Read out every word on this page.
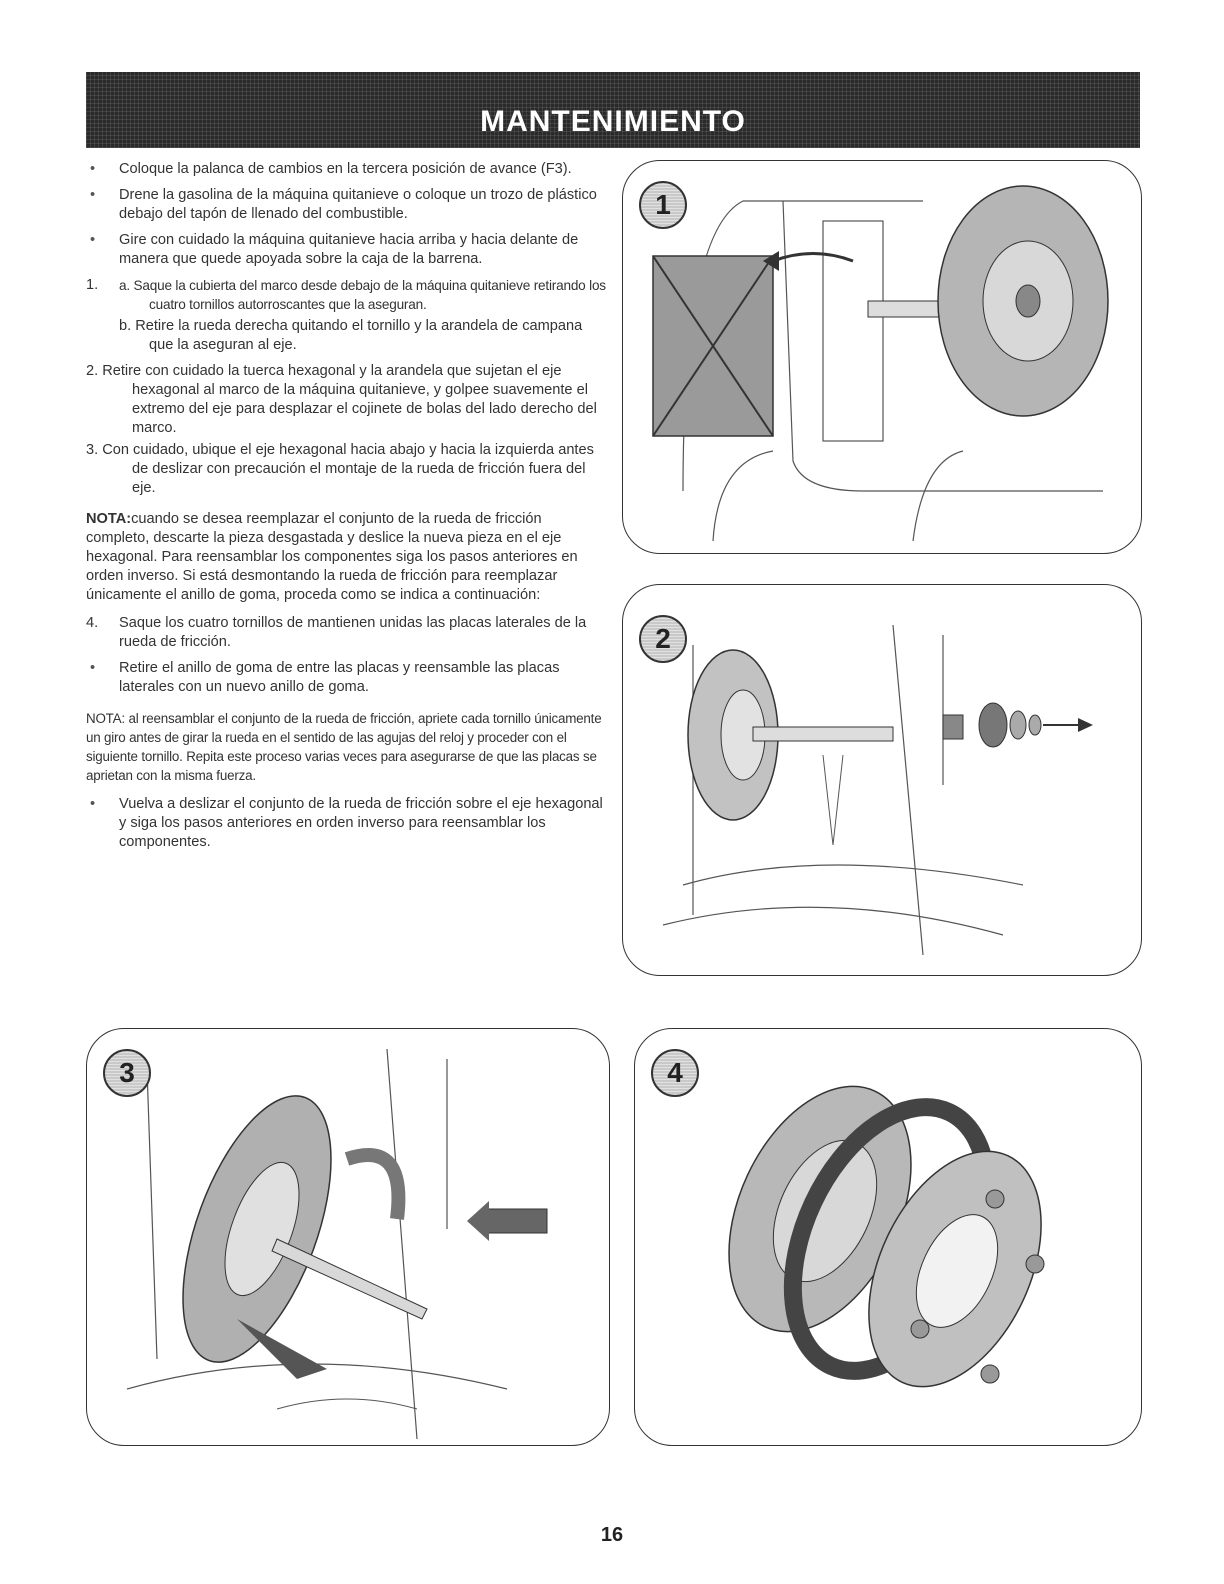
MANTENIMIENTO

• Coloque la palanca de cambios en la tercera posición de avance (F3).

• Drene la gasolina de la máquina quitanieve o coloque un trozo de plástico debajo del tapón de llenado del combustible.

• Gire con cuidado la máquina quitanieve hacia arriba y hacia delante de manera que quede apoyada sobre la caja de la barrena.

1. a. Saque la cubierta del marco desde debajo de la máquina quitanieve retirando los cuatro tornillos autorroscantes que la aseguran.

b. Retire la rueda derecha quitando el tornillo y la arandela de campana que la aseguran al eje.

2. Retire con cuidado la tuerca hexagonal y la arandela que sujetan el eje hexagonal al marco de la máquina quitanieve, y golpee suavemente el extremo del eje para desplazar el cojinete de bolas del lado derecho del marco.

3. Con cuidado, ubique el eje hexagonal hacia abajo y hacia la izquierda antes de deslizar con precaución el montaje de la rueda de fricción fuera del eje.

NOTA:cuando se desea reemplazar el conjunto de la rueda de fricción completo, descarte la pieza desgastada y deslice la nueva pieza en el eje hexagonal. Para reensamblar los componentes siga los pasos anteriores en orden inverso. Si está desmontando la rueda de fricción para reemplazar únicamente el anillo de goma, proceda como se indica a continuación:

4. Saque los cuatro tornillos de mantienen unidas las placas laterales de la rueda de fricción.

• Retire el anillo de goma de entre las placas y reensamble las placas laterales con un nuevo anillo de goma.

NOTA: al reensamblar el conjunto de la rueda de fricción, apriete cada tornillo únicamente un giro antes de girar la rueda en el sentido de las agujas del reloj y proceder con el siguiente tornillo. Repita este proceso varias veces para asegurarse de que las placas se aprietan con la misma fuerza.

• Vuelva a deslizar el conjunto de la rueda de fricción sobre el eje hexagonal y siga los pasos anteriores en orden inverso para reensamblar los componentes.

1
2
3	4
16
